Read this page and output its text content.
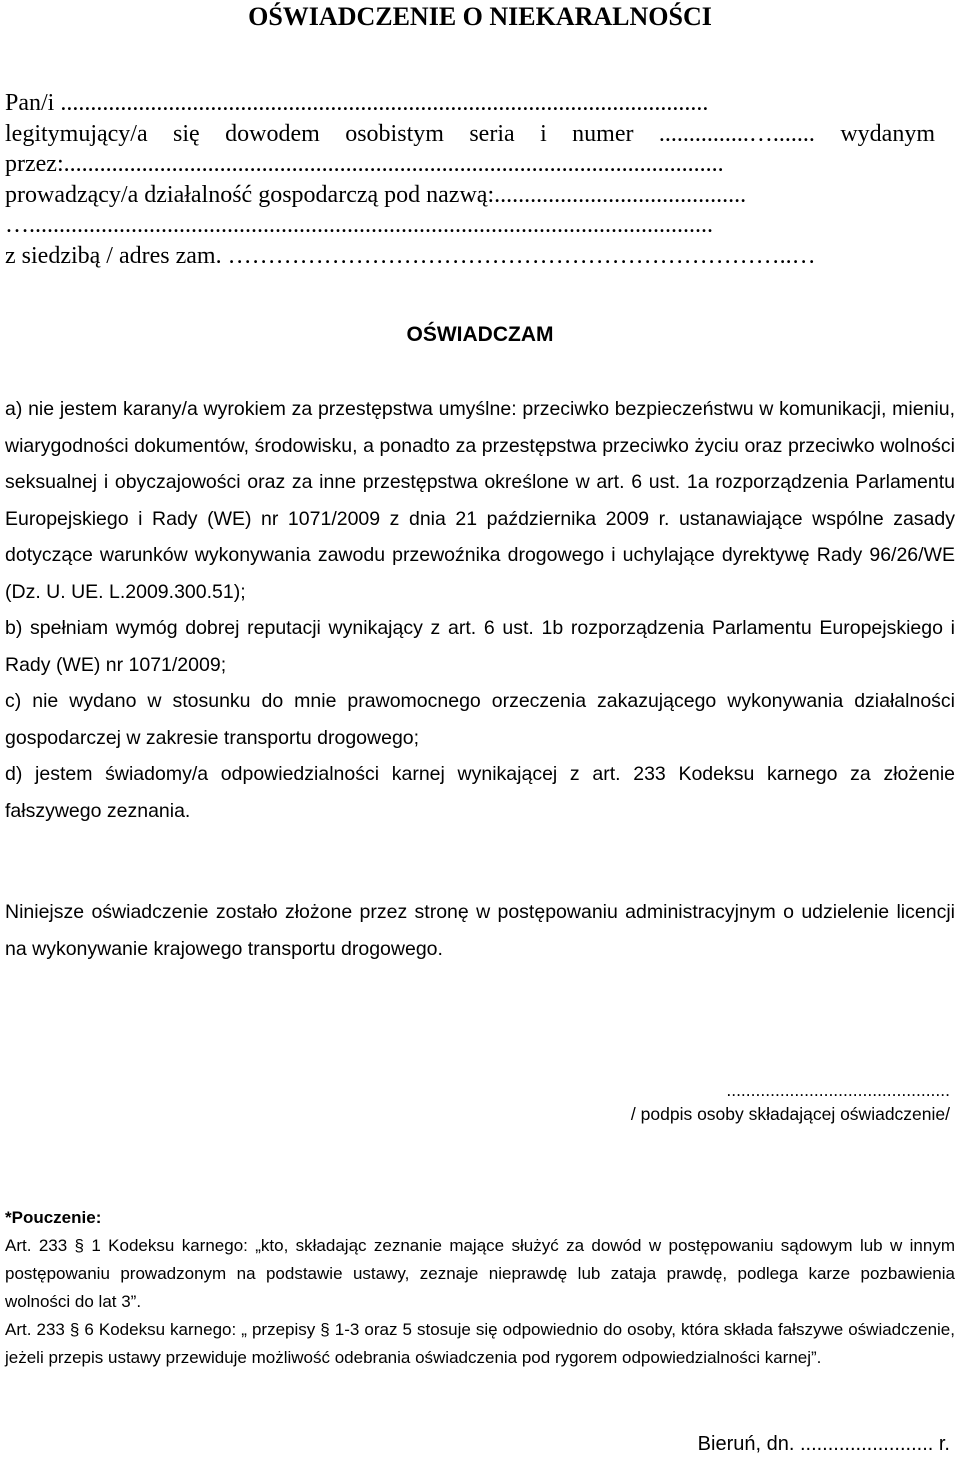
OŚWIADCZENIE O NIEKARALNOŚCI
Pan/i ............................................................................................................
legitymujący/a się dowodem osobistym seria i numer ...............…....... wydanym
przez:..............................................................................................................
prowadzący/a działalność gospodarczą pod nazwą:..........................................
…..................................................................................................................
z siedzibą / adres zam. ……………………………………………………………..…
OŚWIADCZAM

a) nie jestem karany/a wyrokiem za przestępstwa umyślne: przeciwko bezpieczeństwu w komunikacji, mieniu, wiarygodności dokumentów, środowisku, a ponadto za przestępstwa przeciwko życiu oraz przeciwko wolności seksualnej i obyczajowości oraz za inne przestępstwa określone w art. 6 ust. 1a rozporządzenia Parlamentu Europejskiego i Rady (WE) nr 1071/2009 z dnia 21 października 2009 r. ustanawiające wspólne zasady dotyczące warunków wykonywania zawodu przewoźnika drogowego i uchylające dyrektywę Rady 96/26/WE (Dz. U. UE. L.2009.300.51);

b) spełniam wymóg dobrej reputacji wynikający z art. 6 ust. 1b rozporządzenia Parlamentu Europejskiego i Rady (WE) nr 1071/2009;

c) nie wydano w stosunku do mnie prawomocnego orzeczenia zakazującego wykonywania działalności gospodarczej w zakresie transportu drogowego;

d) jestem świadomy/a odpowiedzialności karnej wynikającej z art. 233 Kodeksu karnego za złożenie fałszywego zeznania.

Niniejsze oświadczenie zostało złożone przez stronę w postępowaniu administracyjnym o udzielenie licencji na wykonywanie krajowego transportu drogowego.

..............................................
/ podpis osoby składającej oświadczenie/
*Pouczenie:

Art. 233 § 1 Kodeksu karnego: „kto, składając zeznanie mające służyć za dowód w postępowaniu sądowym lub w innym postępowaniu prowadzonym na podstawie ustawy, zeznaje nieprawdę lub zataja prawdę, podlega karze pozbawienia wolności do lat 3”.

Art. 233 § 6 Kodeksu karnego: „ przepisy § 1-3 oraz 5 stosuje się odpowiednio do osoby, która składa fałszywe oświadczenie, jeżeli przepis ustawy przewiduje możliwość odebrania oświadczenia pod rygorem odpowiedzialności karnej”.

Bieruń, dn. ........................ r.
